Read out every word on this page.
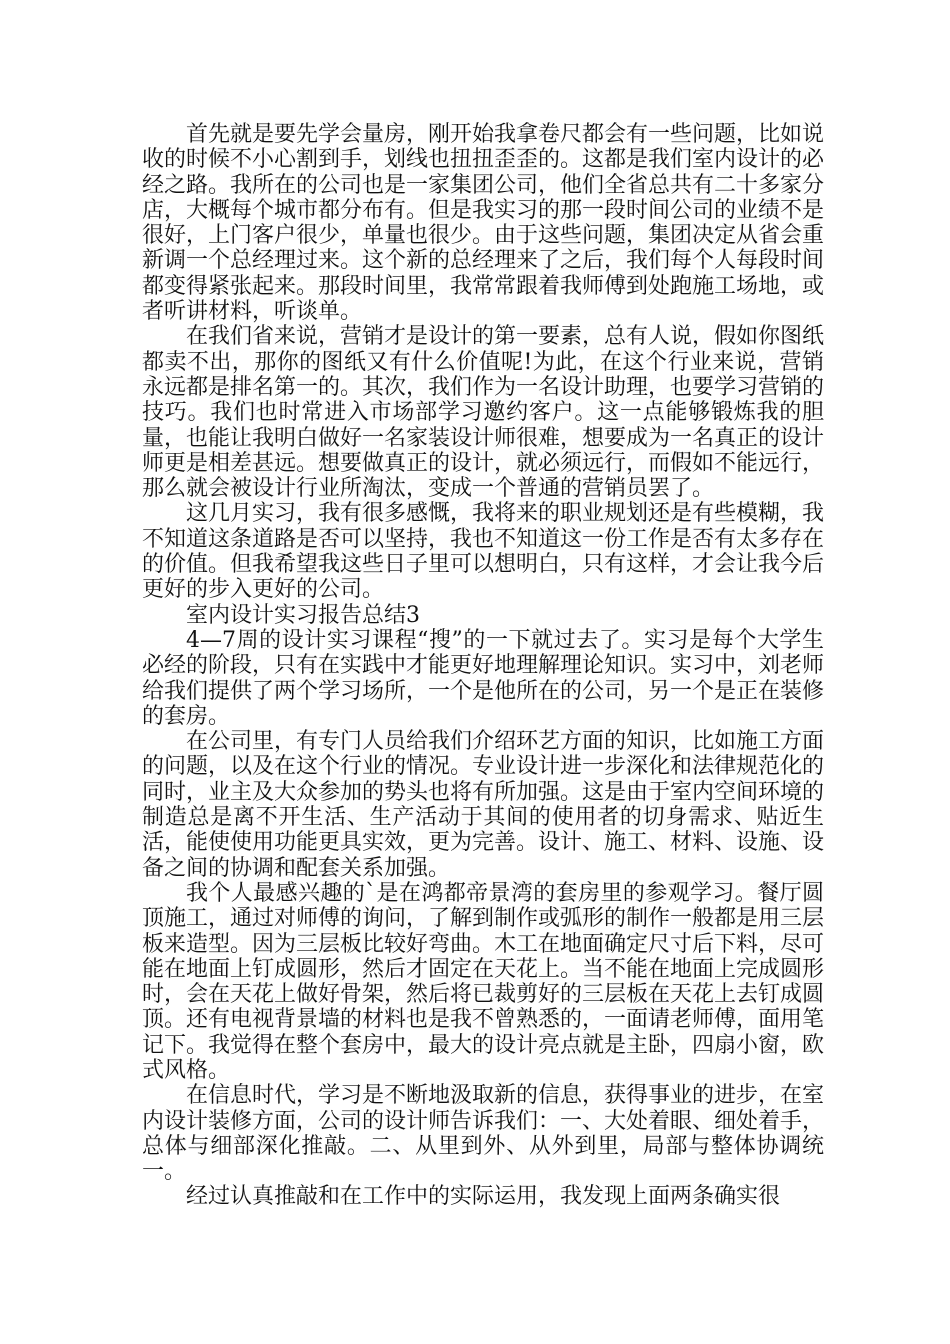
首先就是要先学会量房，刚开始我拿卷尺都会有一些问题，比如说收的时候不小心割到手，划线也扭扭歪歪的。这都是我们室内设计的必经之路。我所在的公司也是一家集团公司，他们全省总共有二十多家分店，大概每个城市都分布有。但是我实习的那一段时间公司的业绩不是很好，上门客户很少，单量也很少。由于这些问题，集团决定从省会重新调一个总经理过来。这个新的总经理来了之后，我们每个人每段时间都变得紧张起来。那段时间里，我常常跟着我师傅到处跑施工场地，或者听讲材料，听谈单。

在我们省来说，营销才是设计的第一要素，总有人说，假如你图纸都卖不出，那你的图纸又有什么价值呢!为此，在这个行业来说，营销永远都是排名第一的。其次，我们作为一名设计助理，也要学习营销的技巧。我们也时常进入市场部学习邀约客户。这一点能够锻炼我的胆量，也能让我明白做好一名家装设计师很难，想要成为一名真正的设计师更是相差甚远。想要做真正的设计，就必须远行，而假如不能远行，那么就会被设计行业所淘汰，变成一个普通的营销员罢了。

这几月实习，我有很多感慨，我将来的职业规划还是有些模糊，我不知道这条道路是否可以坚持，我也不知道这一份工作是否有太多存在的价值。但我希望我这些日子里可以想明白，只有这样，才会让我今后更好的步入更好的公司。

室内设计实习报告总结3

4—7周的设计实习课程“搜”的一下就过去了。实习是每个大学生必经的阶段，只有在实践中才能更好地理解理论知识。实习中，刘老师给我们提供了两个学习场所，一个是他所在的公司，另一个是正在装修的套房。

在公司里，有专门人员给我们介绍环艺方面的知识，比如施工方面的问题，以及在这个行业的情况。专业设计进一步深化和法律规范化的同时，业主及大众参加的势头也将有所加强。这是由于室内空间环境的制造总是离不开生活、生产活动于其间的使用者的切身需求、贴近生活，能使使用功能更具实效，更为完善。设计、施工、材料、设施、设备之间的协调和配套关系加强。

我个人最感兴趣的`是在鸿都帝景湾的套房里的参观学习。餐厅圆顶施工，通过对师傅的询问，了解到制作或弧形的制作一般都是用三层板来造型。因为三层板比较好弯曲。木工在地面确定尺寸后下料，尽可能在地面上钉成圆形，然后才固定在天花上。当不能在地面上完成圆形时，会在天花上做好骨架，然后将已裁剪好的三层板在天花上去钉成圆顶。还有电视背景墙的材料也是我不曾熟悉的，一面请老师傅，面用笔记下。我觉得在整个套房中，最大的设计亮点就是主卧，四扇小窗，欧式风格。

在信息时代，学习是不断地汲取新的信息，获得事业的进步，在室内设计装修方面，公司的设计师告诉我们：一、大处着眼、细处着手，总体与细部深化推敲。二、从里到外、从外到里，局部与整体协调统一。

经过认真推敲和在工作中的实际运用，我发现上面两条确实很
